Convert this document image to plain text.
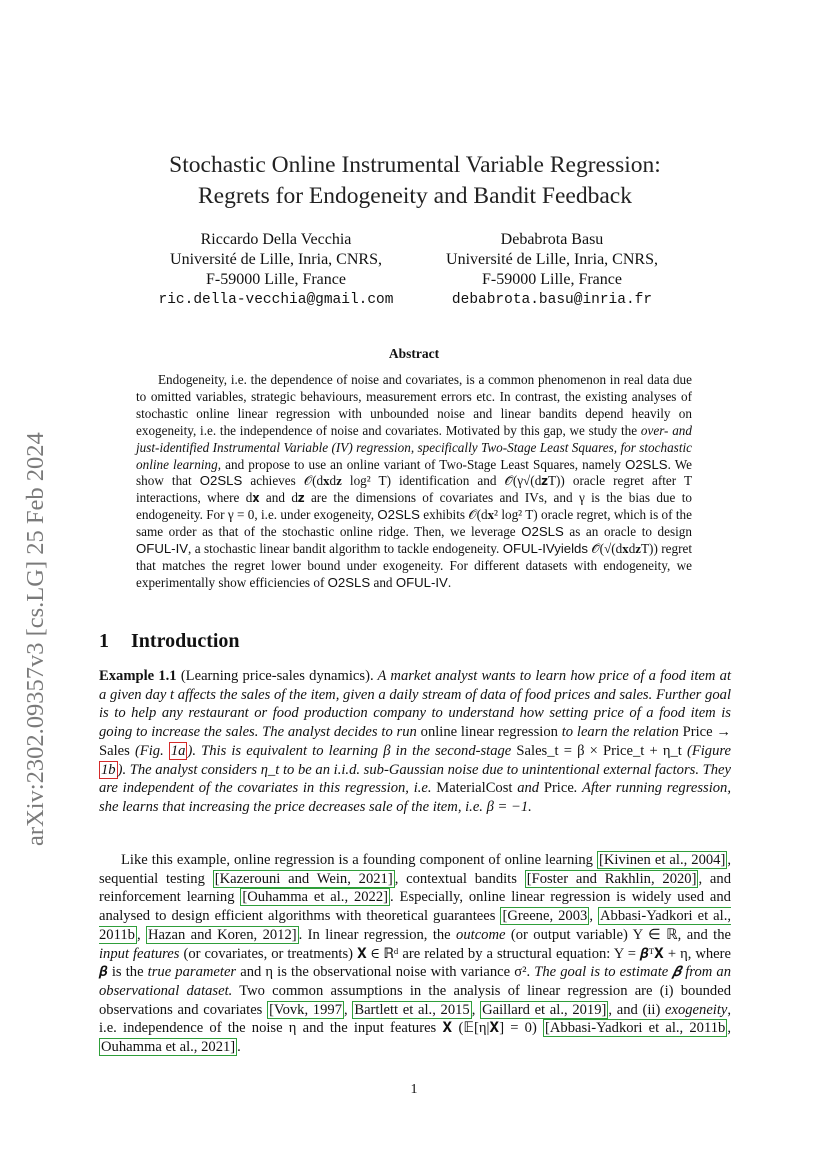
arXiv:2302.09357v3 [cs.LG] 25 Feb 2024
Stochastic Online Instrumental Variable Regression:
Regrets for Endogeneity and Bandit Feedback
Riccardo Della Vecchia
Université de Lille, Inria, CNRS,
F-59000 Lille, France
ric.della-vecchia@gmail.com
Debabrota Basu
Université de Lille, Inria, CNRS,
F-59000 Lille, France
debabrota.basu@inria.fr
Abstract
Endogeneity, i.e. the dependence of noise and covariates, is a common phenomenon in real data due to omitted variables, strategic behaviours, measurement errors etc. In contrast, the existing analyses of stochastic online linear regression with unbounded noise and linear bandits depend heavily on exogeneity, i.e. the independence of noise and covariates. Motivated by this gap, we study the over- and just-identified Instrumental Variable (IV) regression, specifically Two-Stage Least Squares, for stochastic online learning, and propose to use an online variant of Two-Stage Least Squares, namely O2SLS. We show that O2SLS achieves 𝒪(d𝐱d𝐳 log² T) identification and 𝒪̃(γ√(d𝐳T)) oracle regret after T interactions, where d𝐱 and d𝐳 are the dimensions of covariates and IVs, and γ is the bias due to endogeneity. For γ = 0, i.e. under exogeneity, O2SLS exhibits 𝒪(d𝐱² log² T) oracle regret, which is of the same order as that of the stochastic online ridge. Then, we leverage O2SLS as an oracle to design OFUL-IV, a stochastic linear bandit algorithm to tackle endogeneity. OFUL-IVyields 𝒪̃(√(d𝐱d𝐳T)) regret that matches the regret lower bound under exogeneity. For different datasets with endogeneity, we experimentally show efficiencies of O2SLS and OFUL-IV.
1 Introduction
Example 1.1 (Learning price-sales dynamics). A market analyst wants to learn how price of a food item at a given day t affects the sales of the item, given a daily stream of data of food prices and sales. Further goal is to help any restaurant or food production company to understand how setting price of a food item is going to increase the sales. The analyst decides to run online linear regression to learn the relation Price → Sales (Fig. 1a ). This is equivalent to learning β in the second-stage Sales_t = β × Price_t + η_t (Figure 1b ). The analyst considers η_t to be an i.i.d. sub-Gaussian noise due to unintentional external factors. They are independent of the covariates in this regression, i.e. MaterialCost and Price. After running regression, she learns that increasing the price decreases sale of the item, i.e. β = −1.
Like this example, online regression is a founding component of online learning [Kivinen et al., 2004] , sequential testing [Kazerouni and Wein, 2021] , contextual bandits [Foster and Rakhlin, 2020] , and reinforcement learning [Ouhamma et al., 2022] . Especially, online linear regression is widely used and analysed to design efficient algorithms with theoretical guarantees [Greene, 2003 , Abbasi-Yadkori et al., 2011b , Hazan and Koren, 2012] . In linear regression, the outcome (or output variable) Y ∈ ℝ, and the input features (or covariates, or treatments) 𝐗 ∈ ℝᵈ are related by a structural equation: Y = 𝜷ᵀ𝐗 + η, where 𝜷 is the true parameter and η is the observational noise with variance σ². The goal is to estimate 𝜷 from an observational dataset. Two common assumptions in the analysis of linear regression are (i) bounded observations and covariates [Vovk, 1997 , Bartlett et al., 2015 , Gaillard et al., 2019] , and (ii) exogeneity, i.e. independence of the noise η and the input features 𝐗 (𝔼[η|𝐗] = 0) [Abbasi-Yadkori et al., 2011b , Ouhamma et al., 2021] .
1
